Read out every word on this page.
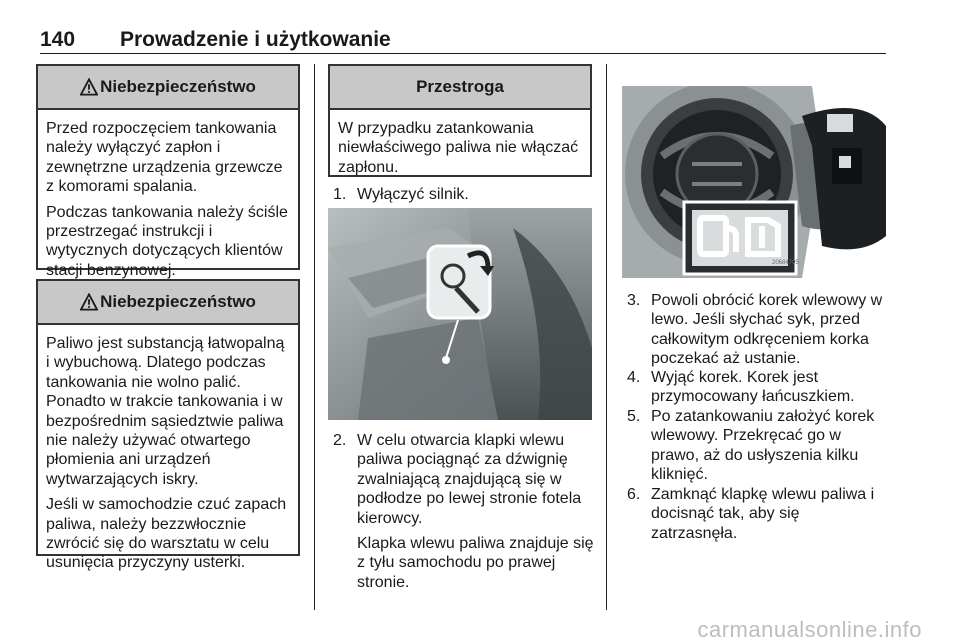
140 Prowadzenie i użytkowanie
Niebezpieczeństwo

Przed rozpoczęciem tankowania należy wyłączyć zapłon i zewnętrzne urządzenia grzewcze z komorami spalania.

Podczas tankowania należy ściśle przestrzegać instrukcji i wytycznych dotyczących klientów stacji benzynowej.

Niebezpieczeństwo

Paliwo jest substancją łatwopalną i wybuchową. Dlatego podczas tankowania nie wolno palić. Ponadto w trakcie tankowania i w bezpośrednim sąsiedztwie paliwa nie należy używać otwartego płomienia ani urządzeń wytwarzających iskry.

Jeśli w samochodzie czuć zapach paliwa, należy bezzwłocznie zwrócić się do warsztatu w celu usunięcia przyczyny usterki.

Przestroga

W przypadku zatankowania niewłaściwego paliwa nie włączać zapłonu.

1. Wyłączyć silnik.
2. W celu otwarcia klapki wlewu paliwa pociągnąć za dźwignię zwalniającą znajdującą się w podłodze po lewej stronie fotela kierowcy.

Klapka wlewu paliwa znajduje się z tyłu samochodu po prawej stronie.

20684795
3. Powoli obrócić korek wlewowy w lewo. Jeśli słychać syk, przed całkowitym odkręceniem korka poczekać aż ustanie.
4. Wyjąć korek. Korek jest przymocowany łańcuszkiem.
5. Po zatankowaniu założyć korek wlewowy. Przekręcać go w prawo, aż do usłyszenia kilku kliknięć.
6. Zamknąć klapkę wlewu paliwa i docisnąć tak, aby się zatrzasnęła.
carmanualsonline.info
